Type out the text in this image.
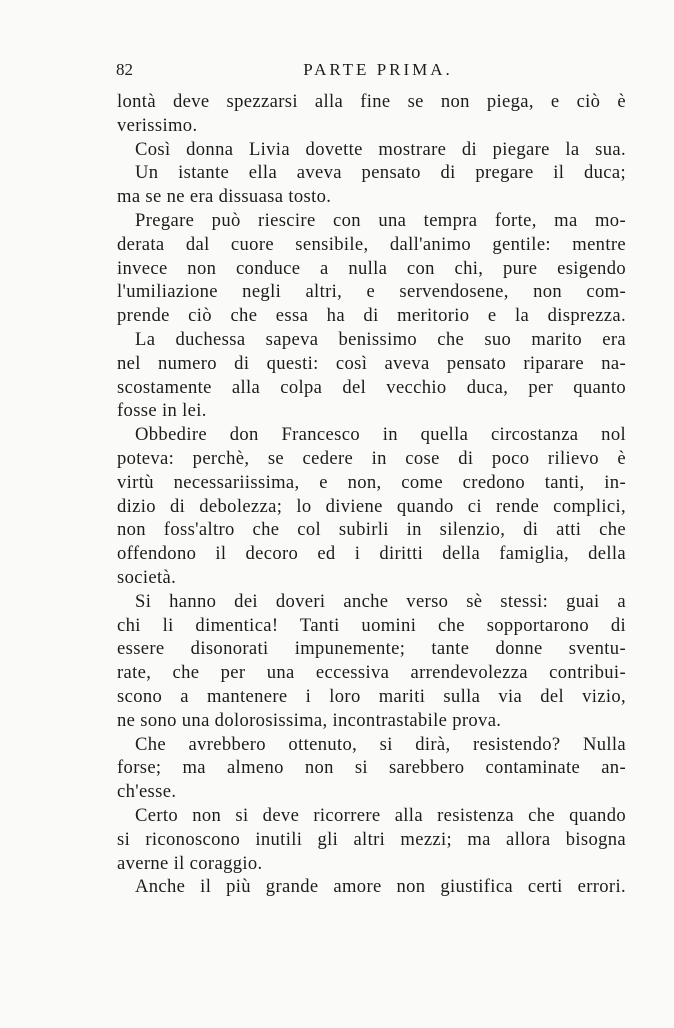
82	PARTE PRIMA.
lontà deve spezzarsi alla fine se non piega, e ciò è
verissimo.
Così donna Livia dovette mostrare di piegare la sua.
Un istante ella aveva pensato di pregare il duca;
ma se ne era dissuasa tosto.
Pregare può riescire con una tempra forte, ma mo-
derata dal cuore sensibile, dall'animo gentile: mentre
invece non conduce a nulla con chi, pure esigendo
l'umiliazione negli altri, e servendosene, non com-
prende ciò che essa ha di meritorio e la disprezza.
La duchessa sapeva benissimo che suo marito era
nel numero di questi: così aveva pensato riparare na-
scostamente alla colpa del vecchio duca, per quanto
fosse in lei.
Obbedire don Francesco in quella circostanza nol
poteva: perchè, se cedere in cose di poco rilievo è
virtù necessariissima, e non, come credono tanti, in-
dizio di debolezza; lo diviene quando ci rende complici,
non foss'altro che col subirli in silenzio, di atti che
offendono il decoro ed i diritti della famiglia, della
società.
Si hanno dei doveri anche verso sè stessi: guai a
chi li dimentica! Tanti uomini che sopportarono di
essere disonorati impunemente; tante donne sventu-
rate, che per una eccessiva arrendevolezza contribui-
scono a mantenere i loro mariti sulla via del vizio,
ne sono una dolorosissima, incontrastabile prova.
Che avrebbero ottenuto, si dirà, resistendo? Nulla
forse; ma almeno non si sarebbero contaminate an-
ch'esse.
Certo non si deve ricorrere alla resistenza che quando
si riconoscono inutili gli altri mezzi; ma allora bisogna
averne il coraggio.
Anche il più grande amore non giustifica certi errori.
